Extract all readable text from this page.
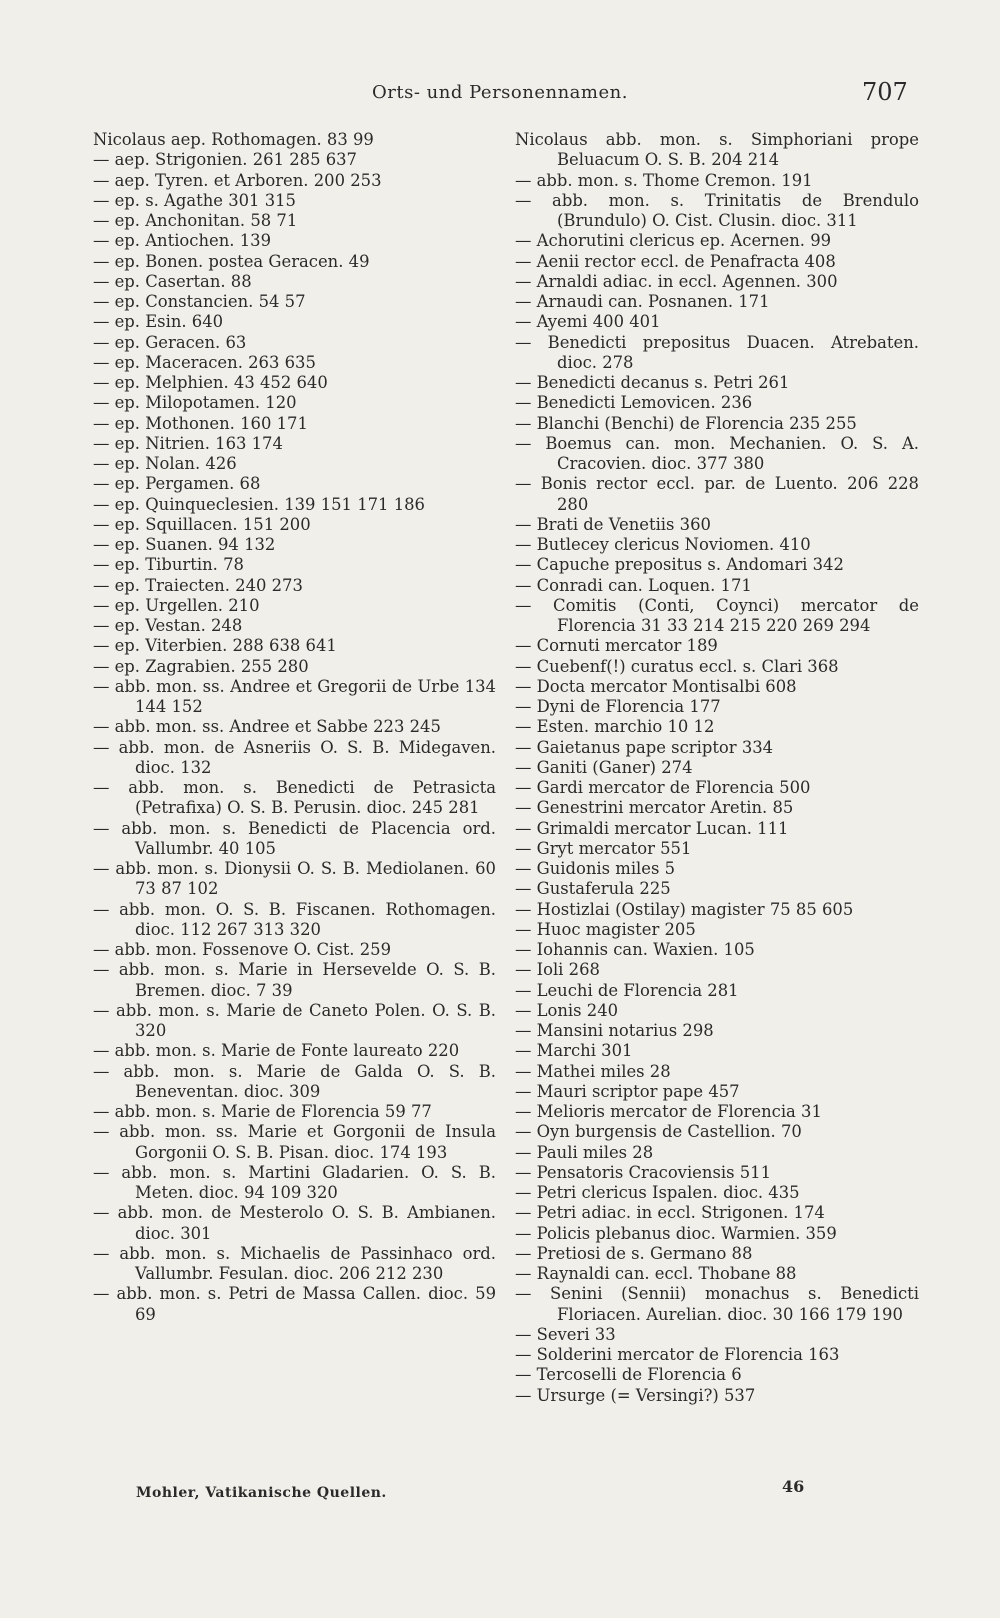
Orts- und Personennamen.	707
Nicolaus aep. Rothomagen. 83 99
— aep. Strigonien. 261 285 637
— aep. Tyren. et Arboren. 200 253
— ep. s. Agathe 301 315
— ep. Anchonitan. 58 71
— ep. Antiochen. 139
— ep. Bonen. postea Geracen. 49
— ep. Casertan. 88
— ep. Constancien. 54 57
— ep. Esin. 640
— ep. Geracen. 63
— ep. Maceracen. 263 635
— ep. Melphien. 43 452 640
— ep. Milopotamen. 120
— ep. Mothonen. 160 171
— ep. Nitrien. 163 174
— ep. Nolan. 426
— ep. Pergamen. 68
— ep. Quinqueclesien. 139 151 171 186
— ep. Squillacen. 151 200
— ep. Suanen. 94 132
— ep. Tiburtin. 78
— ep. Traiecten. 240 273
— ep. Urgellen. 210
— ep. Vestan. 248
— ep. Viterbien. 288 638 641
— ep. Zagrabien. 255 280
— abb. mon. ss. Andree et Gregorii de Urbe 134 144 152
— abb. mon. ss. Andree et Sabbe 223 245
— abb. mon. de Asneriis O. S. B. Midegaven. dioc. 132
— abb. mon. s. Benedicti de Petrasicta (Petrafixa) O. S. B. Perusin. dioc. 245 281
— abb. mon. s. Benedicti de Placencia ord. Vallumbr. 40 105
— abb. mon. s. Dionysii O. S. B. Mediolanen. 60 73 87 102
— abb. mon. O. S. B. Fiscanen. Rothomagen. dioc. 112 267 313 320
— abb. mon. Fossenove O. Cist. 259
— abb. mon. s. Marie in Hersevelde O. S. B. Bremen. dioc. 7 39
— abb. mon. s. Marie de Caneto Polen. O. S. B. 320
— abb. mon. s. Marie de Fonte laureato 220
— abb. mon. s. Marie de Galda O. S. B. Beneventan. dioc. 309
— abb. mon. s. Marie de Florencia 59 77
— abb. mon. ss. Marie et Gorgonii de Insula Gorgonii O. S. B. Pisan. dioc. 174 193
— abb. mon. s. Martini Gladarien. O. S. B. Meten. dioc. 94 109 320
— abb. mon. de Mesterolo O. S. B. Ambianen. dioc. 301
— abb. mon. s. Michaelis de Passinhaco ord. Vallumbr. Fesulan. dioc. 206 212 230
— abb. mon. s. Petri de Massa Callen. dioc. 59 69
Nicolaus abb. mon. s. Simphoriani prope Beluacum O. S. B. 204 214
— abb. mon. s. Thome Cremon. 191
— abb. mon. s. Trinitatis de Brendulo (Brundulo) O. Cist. Clusin. dioc. 311
— Achorutini clericus ep. Acernen. 99
— Aenii rector eccl. de Penafracta 408
— Arnaldi adiac. in eccl. Agennen. 300
— Arnaudi can. Posnanen. 171
— Ayemi 400 401
— Benedicti prepositus Duacen. Atrebaten. dioc. 278
— Benedicti decanus s. Petri 261
— Benedicti Lemovicen. 236
— Blanchi (Benchi) de Florencia 235 255
— Boemus can. mon. Mechanien. O. S. A. Cracovien. dioc. 377 380
— Bonis rector eccl. par. de Luento. 206 228 280
— Brati de Venetiis 360
— Butlecey clericus Noviomen. 410
— Capuche prepositus s. Andomari 342
— Conradi can. Loquen. 171
— Comitis (Conti, Coynci) mercator de Florencia 31 33 214 215 220 269 294
— Cornuti mercator 189
— Cuebenf(!) curatus eccl. s. Clari 368
— Docta mercator Montisalbi 608
— Dyni de Florencia 177
— Esten. marchio 10 12
— Gaietanus pape scriptor 334
— Ganiti (Ganer) 274
— Gardi mercator de Florencia 500
— Genestrini mercator Aretin. 85
— Grimaldi mercator Lucan. 111
— Gryt mercator 551
— Guidonis miles 5
— Gustaferula 225
— Hostizlai (Ostilay) magister 75 85 605
— Huoc magister 205
— Iohannis can. Waxien. 105
— Ioli 268
— Leuchi de Florencia 281
— Lonis 240
— Mansini notarius 298
— Marchi 301
— Mathei miles 28
— Mauri scriptor pape 457
— Melioris mercator de Florencia 31
— Oyn burgensis de Castellion. 70
— Pauli miles 28
— Pensatoris Cracoviensis 511
— Petri clericus Ispalen. dioc. 435
— Petri adiac. in eccl. Strigonen. 174
— Policis plebanus dioc. Warmien. 359
— Pretiosi de s. Germano 88
— Raynaldi can. eccl. Thobane 88
— Senini (Sennii) monachus s. Benedicti Floriacen. Aurelian. dioc. 30 166 179 190
— Severi 33
— Solderini mercator de Florencia 163
— Tercoselli de Florencia 6
— Ursurge (= Versingi?) 537
Mohler, Vatikanische Quellen.	46
